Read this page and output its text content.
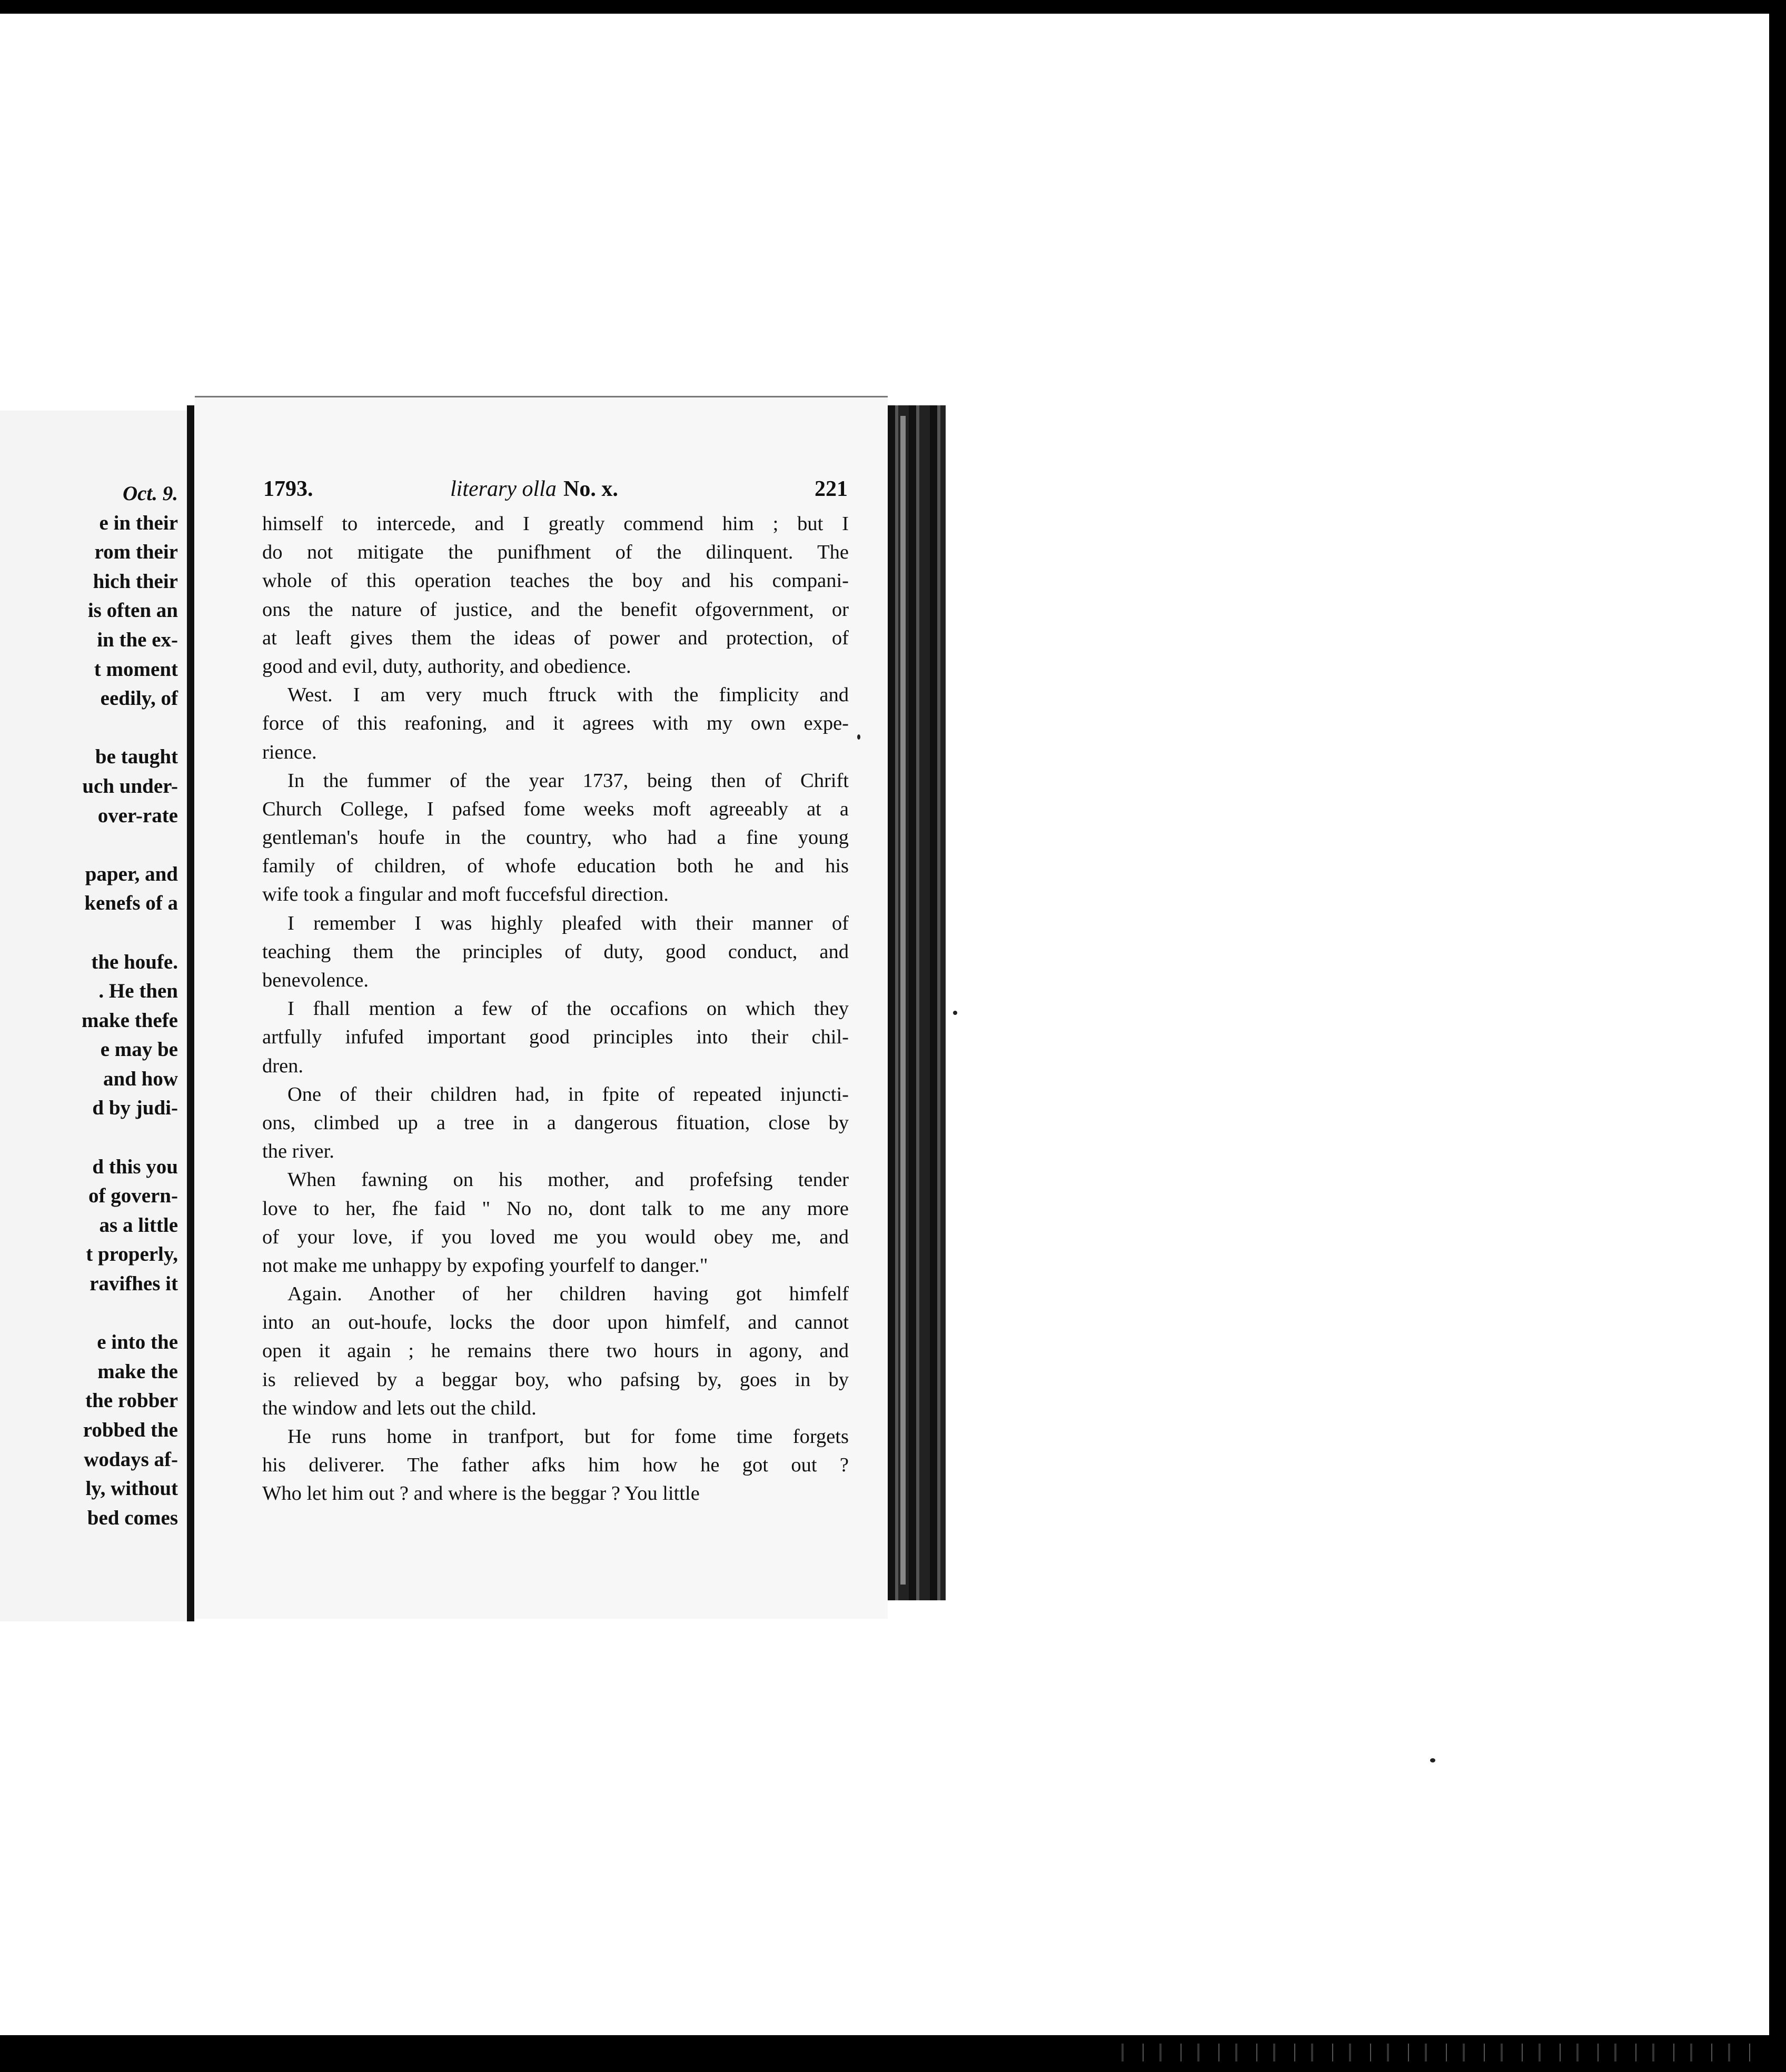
Oct. 9.
e in their
rom their
hich their
is often an
in the ex-
t moment
eedily, of
be taught
uch under-
over-rate
paper, and
kenefs of a
the houfe.
. He then
make thefe
e may be
and how
d by judi-
d this you
of govern-
as a little
t properly,
ravifhes it
e into the
make the
the robber
robbed the
wodays af-
ly, without
bed comes
1793.	literary olla No. x.	221
himself to intercede, and I greatly commend him ; but I
do not mitigate the punifhment of the dilinquent. The
whole of this operation teaches the boy and his compani-
ons the nature of justice, and the benefit ofgovernment, or
at leaft gives them the ideas of power and protection, of
good and evil, duty, authority, and obedience.
West. I am very much ftruck with the fimplicity and
force of this reafoning, and it agrees with my own expe-
rience.
In the fummer of the year 1737, being then of Chrift
Church College, I pafsed fome weeks moft agreeably at a
gentleman's houfe in the country, who had a fine young
family of children, of whofe education both he and his
wife took a fingular and moft fuccefsful direction.
I remember I was highly pleafed with their manner of
teaching them the principles of duty, good conduct, and
benevolence.
I fhall mention a few of the occafions on which they
artfully infufed important good principles into their chil-
dren.
One of their children had, in fpite of repeated injuncti-
ons, climbed up a tree in a dangerous fituation, close by
the river.
When fawning on his mother, and profefsing tender
love to her, fhe faid " No no, dont talk to me any more
of your love, if you loved me you would obey me, and
not make me unhappy by expofing yourfelf to danger."
Again. Another of her children having got himfelf
into an out-houfe, locks the door upon himfelf, and cannot
open it again ; he remains there two hours in agony, and
is relieved by a beggar boy, who pafsing by, goes in by
the window and lets out the child.
He runs home in tranfport, but for fome time forgets
his deliverer. The father afks him how he got out ?
Who let him out ? and where is the beggar ? You little
